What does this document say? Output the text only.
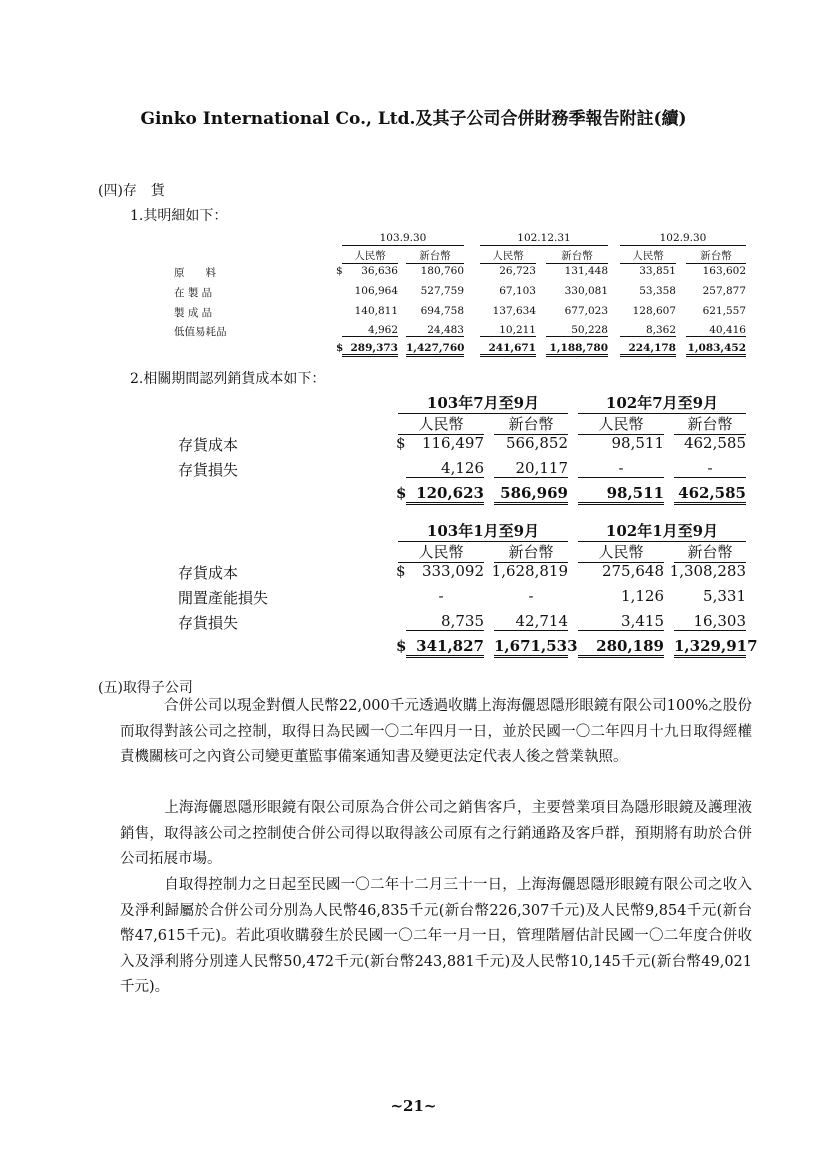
Ginko International Co., Ltd.及其子公司合併財務季報告附註(續)
(四)存　貨
1.其明細如下：
103.9.30	102.12.31	102.9.30
人民幣	新台幣	人民幣	新台幣	人民幣	新台幣
原　　料	$	36,636	180,760	26,723	131,448	33,851	163,602
在 製 品	106,964	527,759	67,103	330,081	53,358	257,877
製 成 品	140,811	694,758	137,634	677,023	128,607	621,557
低值易耗品	4,962	24,483	10,211	50,228	8,362	40,416
$ 289,373 1,427,760	241,671	1,188,780	224,178 1,083,452
2.相關期間認列銷貨成本如下：
103年7月至9月	102年7月至9月
人民幣	新台幣	人民幣	新台幣
存貨成本	$	116,497	566,852	98,511	462,585
存貨損失	4,126	20,117	-	-
$ 120,623	586,969	98,511 462,585
103年1月至9月	102年1月至9月
人民幣	新台幣	人民幣	新台幣
存貨成本	$	333,092 1,628,819	275,648 1,308,283
閒置產能損失	-	-	1,126	5,331
存貨損失	8,735	42,714	3,415	16,303
$ 341,827 1,671,533	280,189 1,329,917
(五)取得子公司
合併公司以現金對價人民幣22,000千元透過收購上海海儷恩隱形眼鏡有限公司100%之股份而取得對該公司之控制，取得日為民國一〇二年四月一日，並於民國一〇二年四月十九日取得經權責機關核可之內資公司變更董監事備案通知書及變更法定代表人後之營業執照。
上海海儷恩隱形眼鏡有限公司原為合併公司之銷售客戶，主要營業項目為隱形眼鏡及護理液銷售，取得該公司之控制使合併公司得以取得該公司原有之行銷通路及客戶群，預期將有助於合併公司拓展市場。
自取得控制力之日起至民國一〇二年十二月三十一日，上海海儷恩隱形眼鏡有限公司之收入及淨利歸屬於合併公司分別為人民幣46,835千元(新台幣226,307千元)及人民幣9,854千元(新台幣47,615千元)。若此項收購發生於民國一〇二年一月一日，管理階層估計民國一〇二年度合併收入及淨利將分別達人民幣50,472千元(新台幣243,881千元)及人民幣10,145千元(新台幣49,021千元)。
~21~
